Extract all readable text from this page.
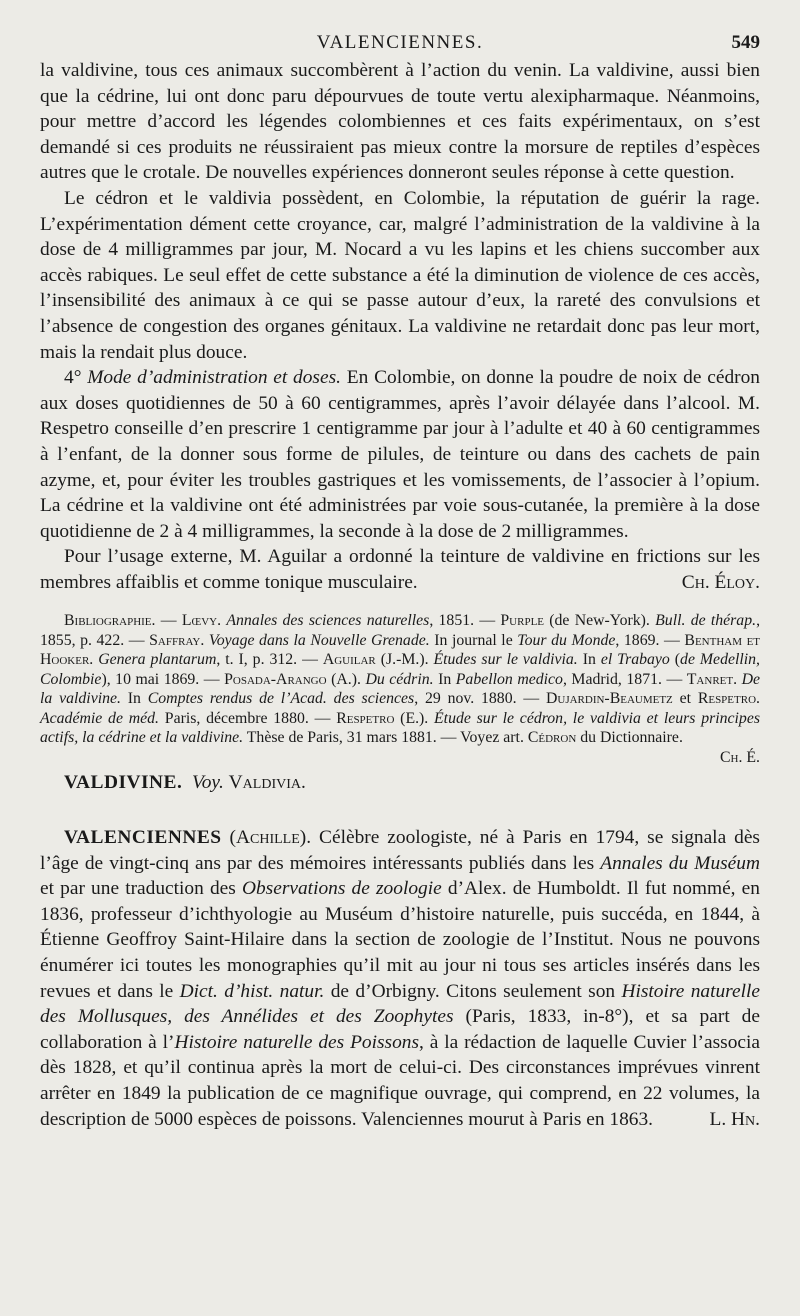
VALENCIENNES.	549

la valdivine, tous ces animaux succombèrent à l’action du venin. La valdivine, aussi bien que la cédrine, lui ont donc paru dépourvues de toute vertu alexipharmaque. Néanmoins, pour mettre d’accord les légendes colombiennes et ces faits expérimentaux, on s’est demandé si ces produits ne réussiraient pas mieux contre la morsure de reptiles d’espèces autres que le crotale. De nouvelles expériences donneront seules réponse à cette question.

Le cédron et le valdivia possèdent, en Colombie, la réputation de guérir la rage. L’expérimentation dément cette croyance, car, malgré l’administration de la valdivine à la dose de 4 milligrammes par jour, M. Nocard a vu les lapins et les chiens succomber aux accès rabiques. Le seul effet de cette substance a été la diminution de violence de ces accès, l’insensibilité des animaux à ce qui se passe autour d’eux, la rareté des convulsions et l’absence de congestion des organes génitaux. La valdivine ne retardait donc pas leur mort, mais la rendait plus douce.

4° Mode d’administration et doses. En Colombie, on donne la poudre de noix de cédron aux doses quotidiennes de 50 à 60 centigrammes, après l’avoir délayée dans l’alcool. M. Respetro conseille d’en prescrire 1 centigramme par jour à l’adulte et 40 à 60 centigrammes à l’enfant, de la donner sous forme de pilules, de teinture ou dans des cachets de pain azyme, et, pour éviter les troubles gastriques et les vomissements, de l’associer à l’opium. La cédrine et la valdivine ont été administrées par voie sous-cutanée, la première à la dose quotidienne de 2 à 4 milligrammes, la seconde à la dose de 2 milligrammes.

Pour l’usage externe, M. Aguilar a ordonné la teinture de valdivine en frictions sur les membres affaiblis et comme tonique musculaire.	Ch. Éloy.

Bibliographie. — Lœvy. Annales des sciences naturelles, 1851. — Purple (de New-York). Bull. de thérap., 1855, p. 422. — Saffray. Voyage dans la Nouvelle Grenade. In journal le Tour du Monde, 1869. — Bentham et Hooker. Genera plantarum, t. I, p. 312. — Aguilar (J.-M.). Études sur le valdivia. In el Trabayo (de Medellin, Colombie), 10 mai 1869. — Posada-Arango (A.). Du cédrin. In Pabellon medico, Madrid, 1871. — Tanret. De la valdivine. In Comptes rendus de l’Acad. des sciences, 29 nov. 1880. — Dujardin-Beaumetz et Respetro. Académie de méd. Paris, décembre 1880. — Respetro (E.). Étude sur le cédron, le valdivia et leurs principes actifs, la cédrine et la valdivine. Thèse de Paris, 31 mars 1881. — Voyez art. Cédron du Dictionnaire.
Ch. É.

VALDIVINE. Voy. Valdivia.

VALENCIENNES (Achille). Célèbre zoologiste, né à Paris en 1794, se signala dès l’âge de vingt-cinq ans par des mémoires intéressants publiés dans les Annales du Muséum et par une traduction des Observations de zoologie d’Alex. de Humboldt. Il fut nommé, en 1836, professeur d’ichthyologie au Muséum d’histoire naturelle, puis succéda, en 1844, à Étienne Geoffroy Saint-Hilaire dans la section de zoologie de l’Institut. Nous ne pouvons énumérer ici toutes les monographies qu’il mit au jour ni tous ses articles insérés dans les revues et dans le Dict. d’hist. natur. de d’Orbigny. Citons seulement son Histoire naturelle des Mollusques, des Annélides et des Zoophytes (Paris, 1833, in-8°), et sa part de collaboration à l’Histoire naturelle des Poissons, à la rédaction de laquelle Cuvier l’associa dès 1828, et qu’il continua après la mort de celui-ci. Des circonstances imprévues vinrent arrêter en 1849 la publication de ce magnifique ouvrage, qui comprend, en 22 volumes, la description de 5000 espèces de poissons. Valenciennes mourut à Paris en 1863.	L. Hn.
